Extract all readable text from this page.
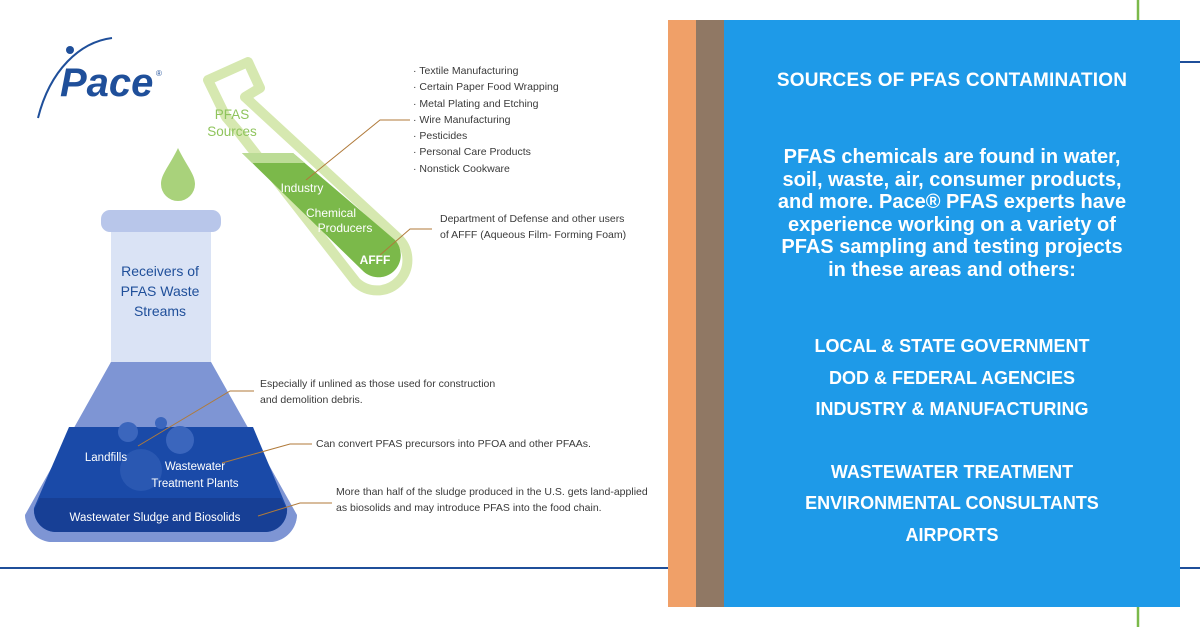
Pace ®
PFAS
Sources
Industry
Chemical
Producers
AFFF
Receivers of
PFAS Waste
Streams
Landfills
Wastewater
Treatment Plants
Wastewater Sludge and Biosolids
· Textile Manufacturing
· Certain Paper Food Wrapping
· Metal Plating and Etching
· Wire Manufacturing
· Pesticides
· Personal Care Products
· Nonstick Cookware
Department of Defense and other users
of AFFF (Aqueous Film- Forming Foam)
Especially if unlined as those used for construction
and demolition debris.
Can convert PFAS precursors into PFOA and other PFAAs.
More than half of the sludge produced in the U.S. gets land-applied
as biosolids and may introduce PFAS into the food chain.
SOURCES OF PFAS CONTAMINATION
PFAS chemicals are found in water,
soil, waste, air, consumer products,
and more. Pace® PFAS experts have
experience working on a variety of
PFAS sampling and testing projects
in these areas and others:
LOCAL & STATE GOVERNMENT
DOD & FEDERAL AGENCIES
INDUSTRY & MANUFACTURING
WASTEWATER TREATMENT
ENVIRONMENTAL CONSULTANTS
AIRPORTS
